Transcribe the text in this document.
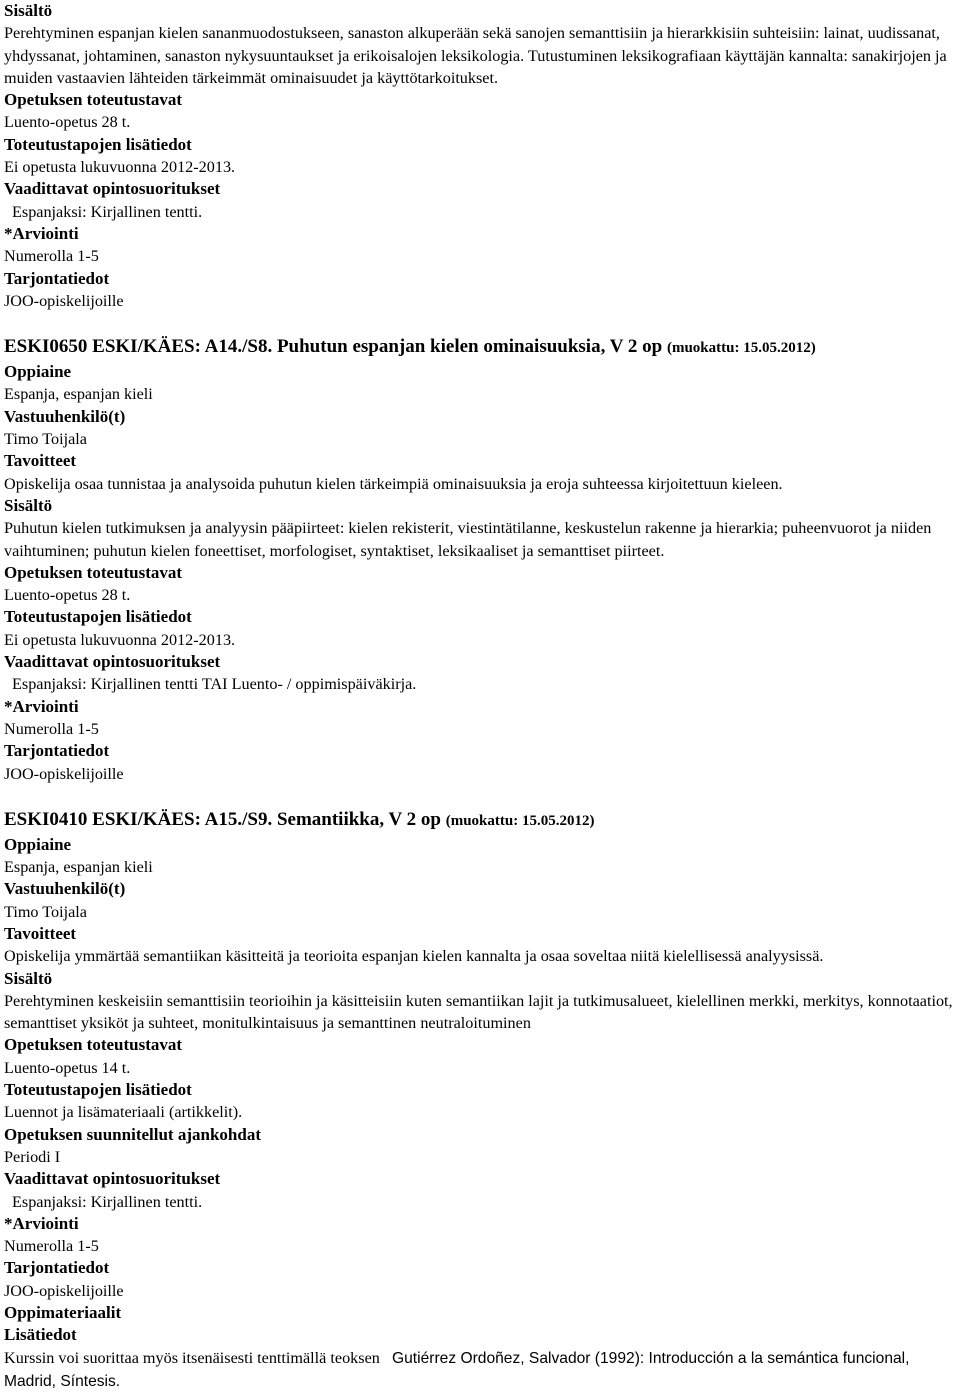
Sisältö
Perehtyminen espanjan kielen sananmuodostukseen, sanaston alkuperään sekä sanojen semanttisiin ja hierarkkisiin suhteisiin: lainat, uudissanat, yhdyssanat, johtaminen, sanaston nykysuuntaukset ja erikoisalojen leksikologia. Tutustuminen leksikografiaan käyttäjän kannalta: sanakirjojen ja muiden vastaavien lähteiden tärkeimmät ominaisuudet ja käyttötarkoitukset.
Opetuksen toteutustavat
Luento-opetus 28 t.
Toteutustapojen lisätiedot
Ei opetusta lukuvuonna 2012-2013.
Vaadittavat opintosuoritukset
Espanjaksi: Kirjallinen tentti.
*Arviointi
Numerolla 1-5
Tarjontatiedot
JOO-opiskelijoille
ESKI0650 ESKI/KÄES: A14./S8. Puhutun espanjan kielen ominaisuuksia, V 2 op (muokattu: 15.05.2012)
Oppiaine
Espanja, espanjan kieli
Vastuuhenkilö(t)
Timo Toijala
Tavoitteet
Opiskelija osaa tunnistaa ja analysoida puhutun kielen tärkeimpiä ominaisuuksia ja eroja suhteessa kirjoitettuun kieleen.
Sisältö
Puhutun kielen tutkimuksen ja analyysin pääpiirteet: kielen rekisterit, viestintätilanne, keskustelun rakenne ja hierarkia; puheenvuorot ja niiden vaihtuminen; puhutun kielen foneettiset, morfologiset, syntaktiset, leksikaaliset ja semanttiset piirteet.
Opetuksen toteutustavat
Luento-opetus 28 t.
Toteutustapojen lisätiedot
Ei opetusta lukuvuonna 2012-2013.
Vaadittavat opintosuoritukset
Espanjaksi: Kirjallinen tentti TAI Luento- / oppimispäiväkirja.
*Arviointi
Numerolla 1-5
Tarjontatiedot
JOO-opiskelijoille
ESKI0410 ESKI/KÄES: A15./S9. Semantiikka, V 2 op (muokattu: 15.05.2012)
Oppiaine
Espanja, espanjan kieli
Vastuuhenkilö(t)
Timo Toijala
Tavoitteet
Opiskelija ymmärtää semantiikan käsitteitä ja teorioita espanjan kielen kannalta ja osaa soveltaa niitä kielellisessä analyysissä.
Sisältö
Perehtyminen keskeisiin semanttisiin teorioihin ja käsitteisiin kuten semantiikan lajit ja tutkimusalueet, kielellinen merkki, merkitys, konnotaatiot, semanttiset yksiköt ja suhteet, monitulkintaisuus ja semanttinen neutraloituminen
Opetuksen toteutustavat
Luento-opetus 14 t.
Toteutustapojen lisätiedot
Luennot ja lisämateriaali (artikkelit).
Opetuksen suunnitellut ajankohdat
Periodi I
Vaadittavat opintosuoritukset
Espanjaksi: Kirjallinen tentti.
*Arviointi
Numerolla 1-5
Tarjontatiedot
JOO-opiskelijoille
Oppimateriaalit
Lisätiedot
Kurssin voi suorittaa myös itsenäisesti tenttimällä teoksen Gutiérrez Ordoñez, Salvador (1992): Introducción a la semántica funcional, Madrid, Síntesis.
